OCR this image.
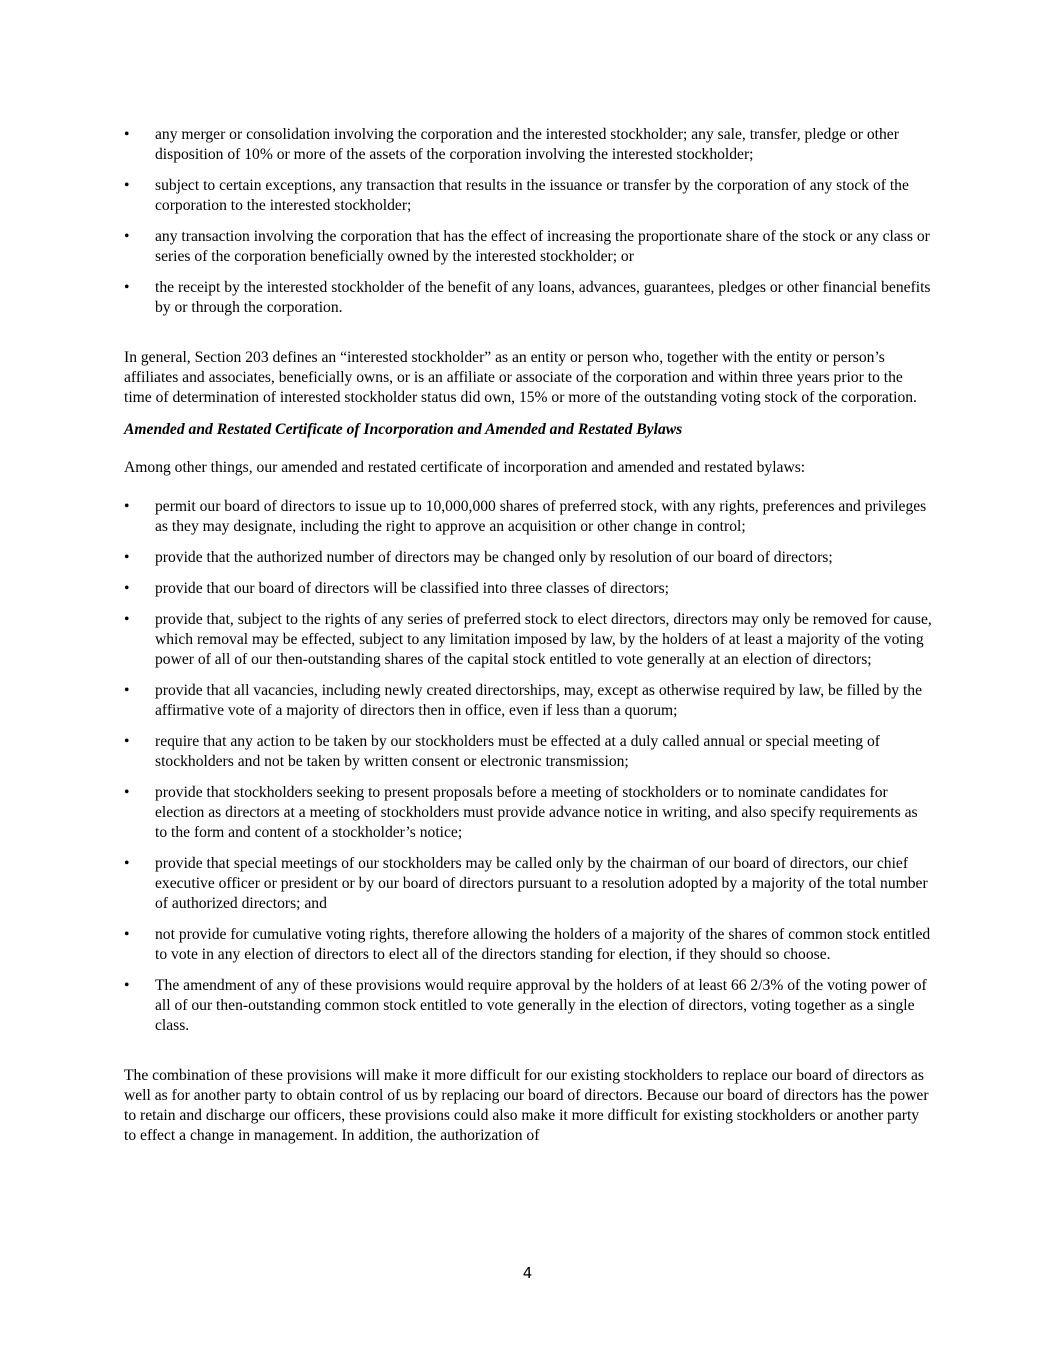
•	any merger or consolidation involving the corporation and the interested stockholder; any sale, transfer, pledge or other disposition of 10% or more of the assets of the corporation involving the interested stockholder;
•	subject to certain exceptions, any transaction that results in the issuance or transfer by the corporation of any stock of the corporation to the interested stockholder;
•	any transaction involving the corporation that has the effect of increasing the proportionate share of the stock or any class or series of the corporation beneficially owned by the interested stockholder; or
•	the receipt by the interested stockholder of the benefit of any loans, advances, guarantees, pledges or other financial benefits by or through the corporation.

In general, Section 203 defines an “interested stockholder” as an entity or person who, together with the entity or person’s affiliates and associates, beneficially owns, or is an affiliate or associate of the corporation and within three years prior to the time of determination of interested stockholder status did own, 15% or more of the outstanding voting stock of the corporation.

Amended and Restated Certificate of Incorporation and Amended and Restated Bylaws

Among other things, our amended and restated certificate of incorporation and amended and restated bylaws:

•	permit our board of directors to issue up to 10,000,000 shares of preferred stock, with any rights, preferences and privileges as they may designate, including the right to approve an acquisition or other change in control;
•	provide that the authorized number of directors may be changed only by resolution of our board of directors;
•	provide that our board of directors will be classified into three classes of directors;
•	provide that, subject to the rights of any series of preferred stock to elect directors, directors may only be removed for cause, which removal may be effected, subject to any limitation imposed by law, by the holders of at least a majority of the voting power of all of our then-outstanding shares of the capital stock entitled to vote generally at an election of directors;
•	provide that all vacancies, including newly created directorships, may, except as otherwise required by law, be filled by the affirmative vote of a majority of directors then in office, even if less than a quorum;
•	require that any action to be taken by our stockholders must be effected at a duly called annual or special meeting of stockholders and not be taken by written consent or electronic transmission;
•	provide that stockholders seeking to present proposals before a meeting of stockholders or to nominate candidates for election as directors at a meeting of stockholders must provide advance notice in writing, and also specify requirements as to the form and content of a stockholder’s notice;
•	provide that special meetings of our stockholders may be called only by the chairman of our board of directors, our chief executive officer or president or by our board of directors pursuant to a resolution adopted by a majority of the total number of authorized directors; and
•	not provide for cumulative voting rights, therefore allowing the holders of a majority of the shares of common stock entitled to vote in any election of directors to elect all of the directors standing for election, if they should so choose.
•	The amendment of any of these provisions would require approval by the holders of at least 66 2/3% of the voting power of all of our then-outstanding common stock entitled to vote generally in the election of directors, voting together as a single class.

The combination of these provisions will make it more difficult for our existing stockholders to replace our board of directors as well as for another party to obtain control of us by replacing our board of directors. Because our board of directors has the power to retain and discharge our officers, these provisions could also make it more difficult for existing stockholders or another party to effect a change in management. In addition, the authorization of

4
